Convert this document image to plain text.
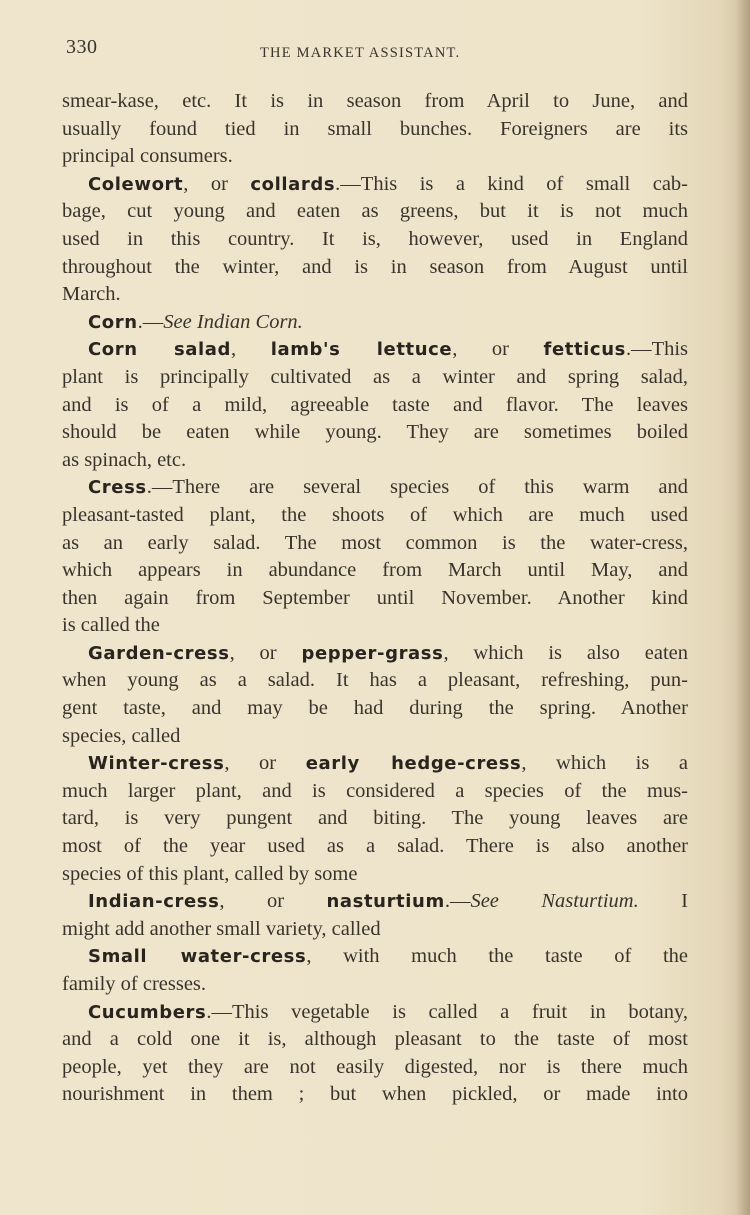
330	THE MARKET ASSISTANT.
smear-kase, etc. It is in season from April to June, and
usually found tied in small bunches. Foreigners are its
principal consumers.
Colewort, or collards.—This is a kind of small cab-
bage, cut young and eaten as greens, but it is not much
used in this country. It is, however, used in England
throughout the winter, and is in season from August until
March.
Corn.—See Indian Corn.
Corn salad, lamb's lettuce, or fetticus.—This
plant is principally cultivated as a winter and spring salad,
and is of a mild, agreeable taste and flavor. The leaves
should be eaten while young. They are sometimes boiled
as spinach, etc.
Cress.—There are several species of this warm and
pleasant-tasted plant, the shoots of which are much used
as an early salad. The most common is the water-cress,
which appears in abundance from March until May, and
then again from September until November. Another kind
is called the
Garden-cress, or pepper-grass, which is also eaten
when young as a salad. It has a pleasant, refreshing, pun-
gent taste, and may be had during the spring. Another
species, called
Winter-cress, or early hedge-cress, which is a
much larger plant, and is considered a species of the mus-
tard, is very pungent and biting. The young leaves are
most of the year used as a salad. There is also another
species of this plant, called by some
Indian-cress, or nasturtium.—See Nasturtium. I
might add another small variety, called
Small water-cress, with much the taste of the
family of cresses.
Cucumbers.—This vegetable is called a fruit in botany,
and a cold one it is, although pleasant to the taste of most
people, yet they are not easily digested, nor is there much
nourishment in them ; but when pickled, or made into
